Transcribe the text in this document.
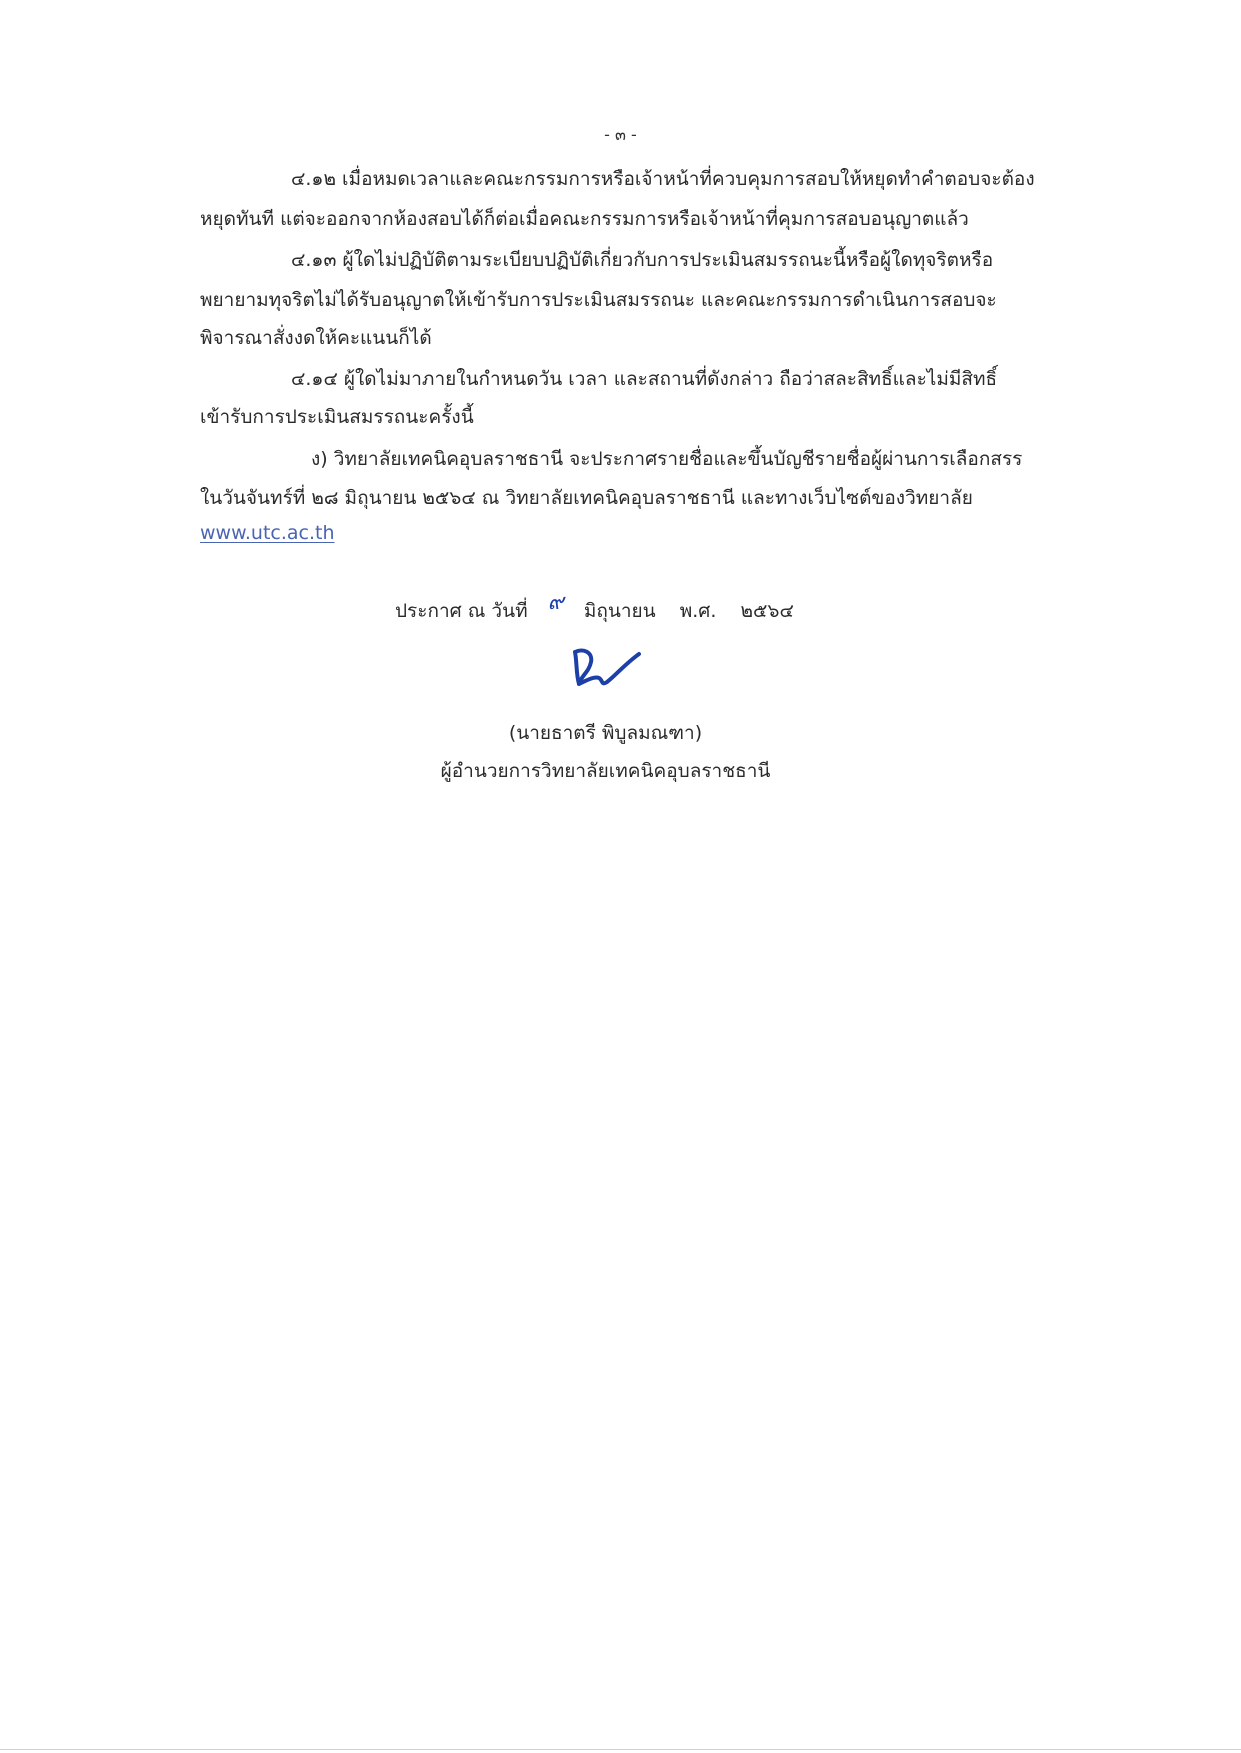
- ๓ -
๔.๑๒ เมื่อหมดเวลาและคณะกรรมการหรือเจ้าหน้าที่ควบคุมการสอบให้หยุดทำคำตอบจะต้อง
หยุดทันที แต่จะออกจากห้องสอบได้ก็ต่อเมื่อคณะกรรมการหรือเจ้าหน้าที่คุมการสอบอนุญาตแล้ว
๔.๑๓ ผู้ใดไม่ปฏิบัติตามระเบียบปฏิบัติเกี่ยวกับการประเมินสมรรถนะนี้หรือผู้ใดทุจริตหรือ
พยายามทุจริตไม่ได้รับอนุญาตให้เข้ารับการประเมินสมรรถนะ และคณะกรรมการดำเนินการสอบจะ
พิจารณาสั่งงดให้คะแนนก็ได้
๔.๑๔ ผู้ใดไม่มาภายในกำหนดวัน เวลา และสถานที่ดังกล่าว ถือว่าสละสิทธิ์และไม่มีสิทธิ์
เข้ารับการประเมินสมรรถนะครั้งนี้
ง) วิทยาลัยเทคนิคอุบลราชธานี จะประกาศรายชื่อและขึ้นบัญชีรายชื่อผู้ผ่านการเลือกสรร
ในวันจันทร์ที่ ๒๘ มิถุนายน ๒๕๖๔ ณ วิทยาลัยเทคนิคอุบลราชธานี และทางเว็บไซต์ของวิทยาลัย
www.utc.ac.th
ประกาศ ณ วันที่ ๙ มิถุนายน พ.ศ. ๒๕๖๔
(นายธาตรี พิบูลมณฑา)
ผู้อำนวยการวิทยาลัยเทคนิคอุบลราชธานี
